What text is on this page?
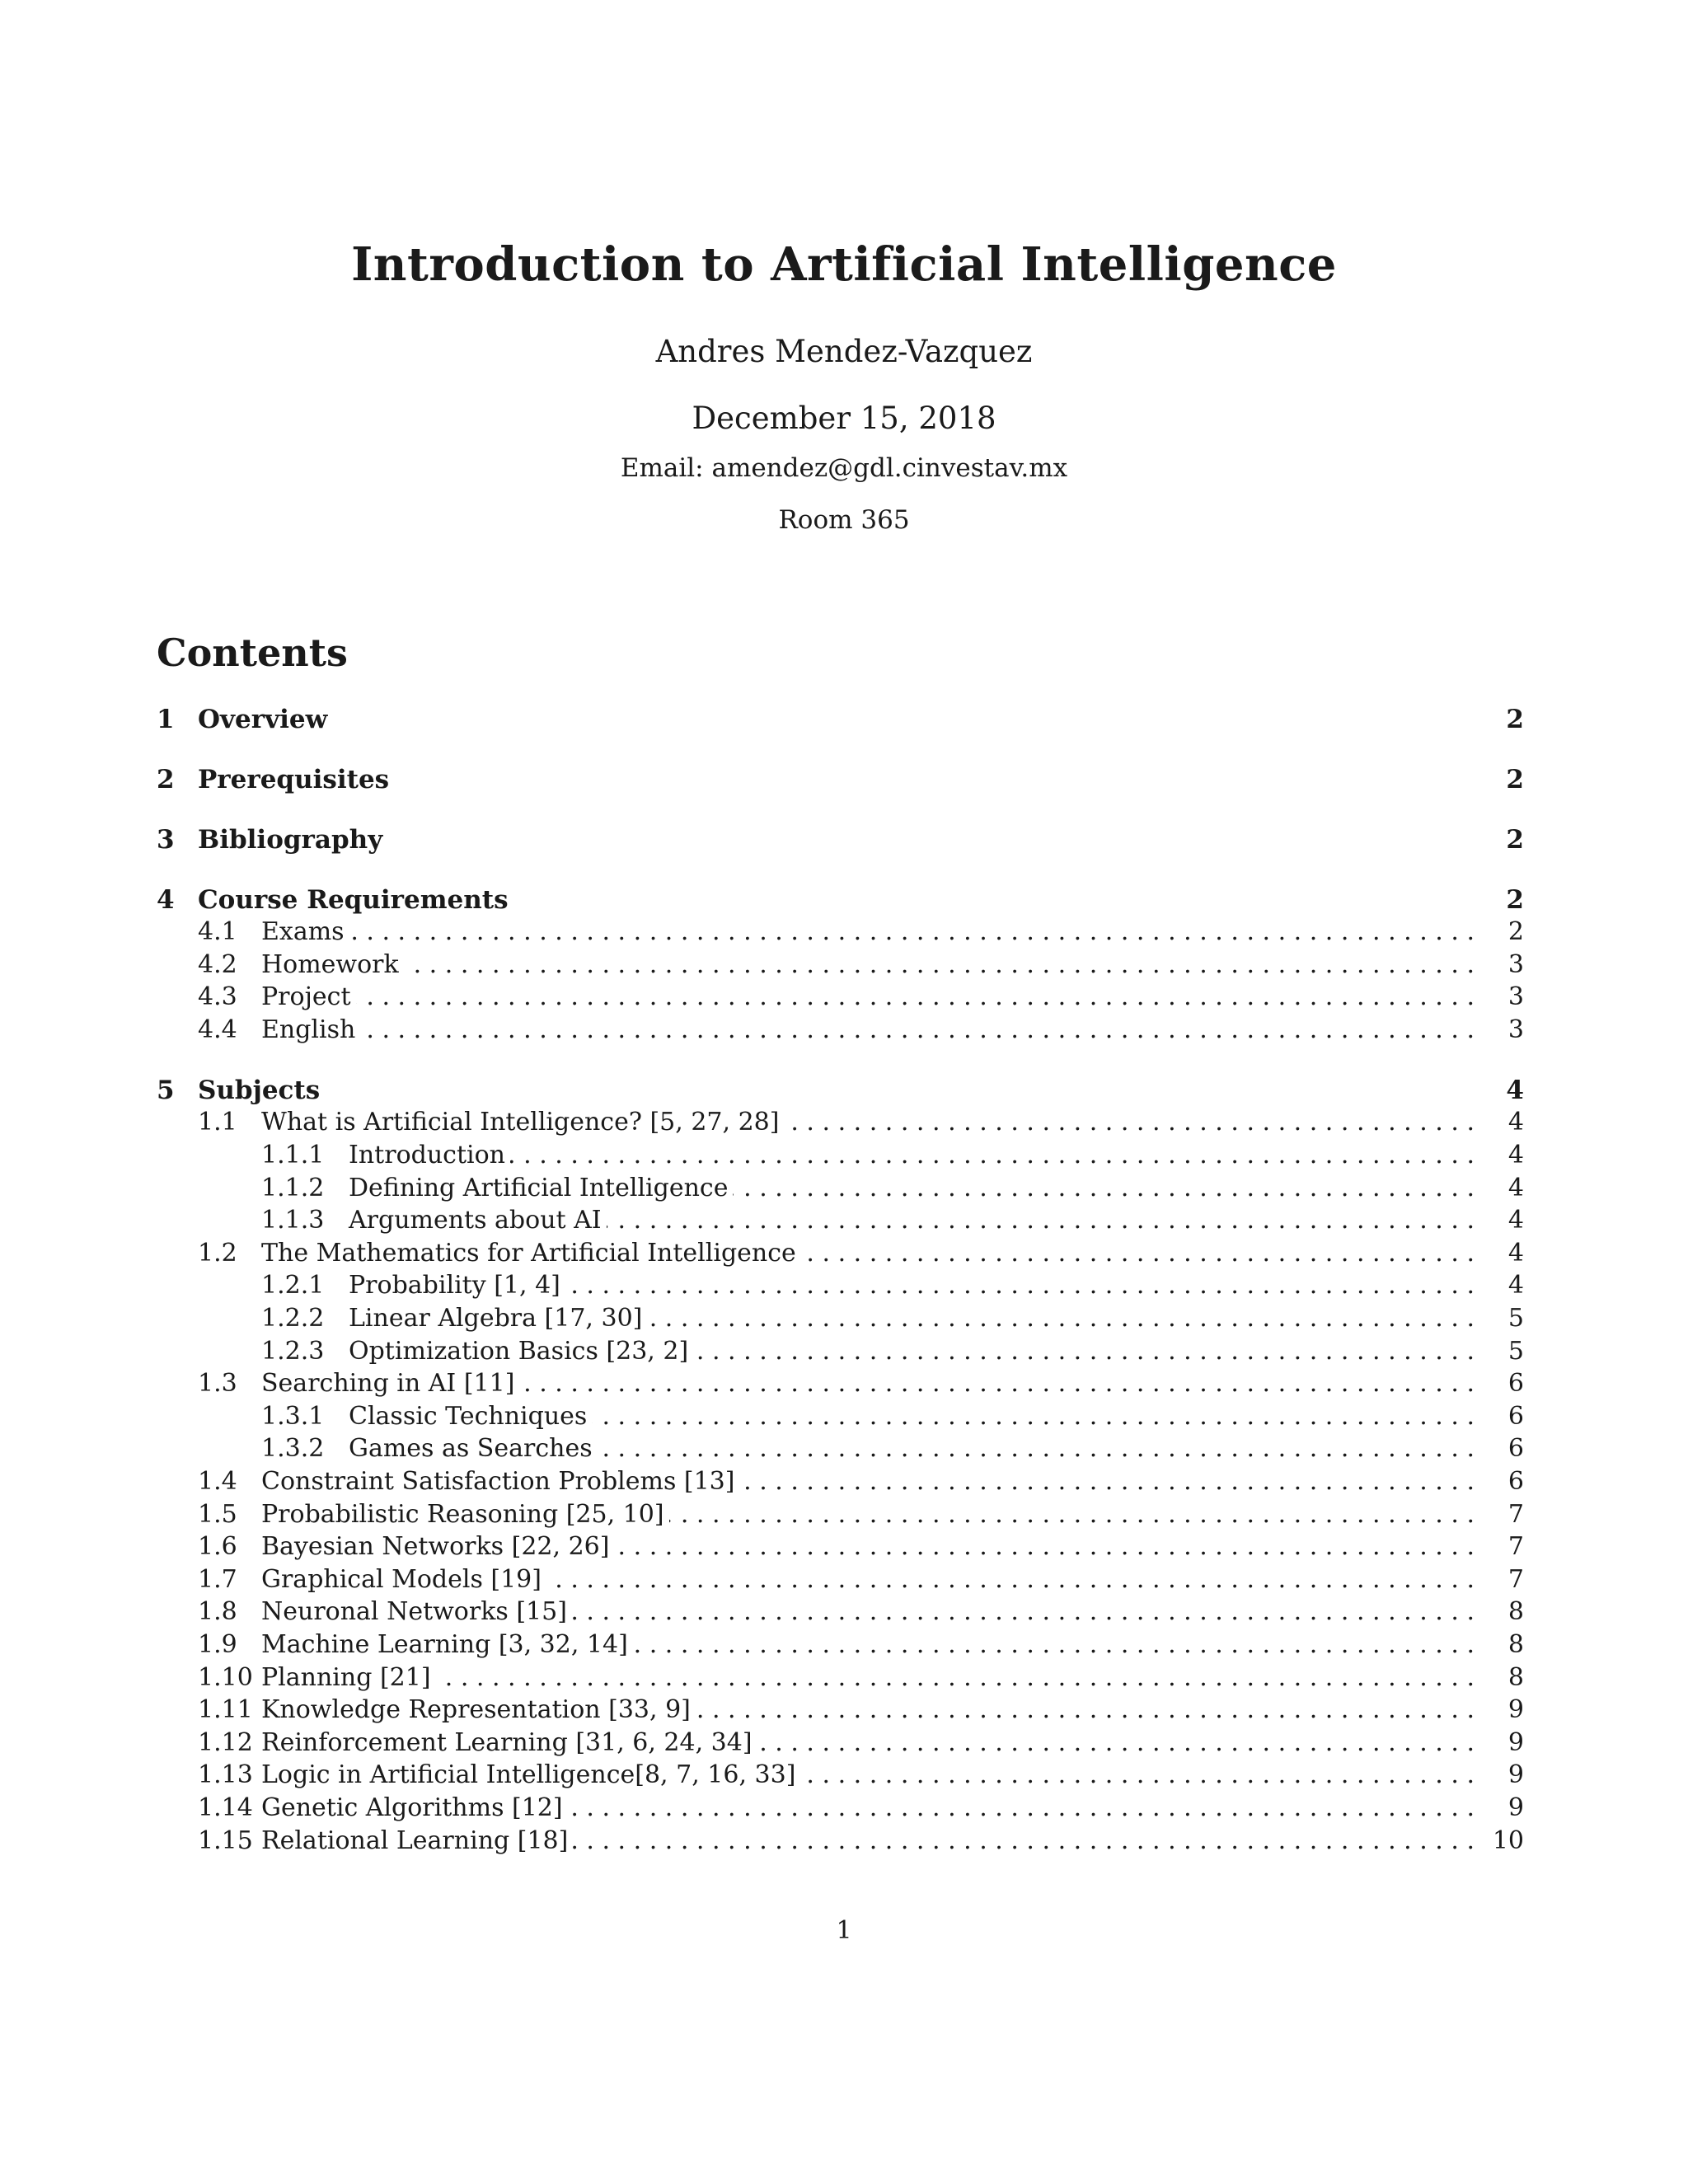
Introduction to Artificial Intelligence
Andres Mendez-Vazquez
December 15, 2018
Email: amendez@gdl.cinvestav.mx
Room 365
Contents
1 Overview	2
2 Prerequisites	2
3 Bibliography	2
4 Course Requirements	2
4.1 Exams . . .	2
4.2 Homework . . .	3
4.3 Project . . .	3
4.4 English . . .	3
5 Subjects	4
1.1 What is Artificial Intelligence? [5, 27, 28] . . .	4
1.1.1 Introduction . . .	4
1.1.2 Defining Artificial Intelligence . . .	4
1.1.3 Arguments about AI . . .	4
1.2 The Mathematics for Artificial Intelligence . . .	4
1.2.1 Probability [1, 4] . . .	4
1.2.2 Linear Algebra [17, 30] . . .	5
1.2.3 Optimization Basics [23, 2] . . .	5
1.3 Searching in AI [11] . . .	6
1.3.1 Classic Techniques . . .	6
1.3.2 Games as Searches . . .	6
1.4 Constraint Satisfaction Problems [13] . . .	6
1.5 Probabilistic Reasoning [25, 10] . . .	7
1.6 Bayesian Networks [22, 26] . . .	7
1.7 Graphical Models [19] . . .	7
1.8 Neuronal Networks [15] . . .	8
1.9 Machine Learning [3, 32, 14] . . .	8
1.10 Planning [21] . . .	8
1.11 Knowledge Representation [33, 9] . . .	9
1.12 Reinforcement Learning [31, 6, 24, 34] . . .	9
1.13 Logic in Artificial Intelligence[8, 7, 16, 33] . . .	9
1.14 Genetic Algorithms [12] . . .	9
1.15 Relational Learning [18] . . .	10
1
